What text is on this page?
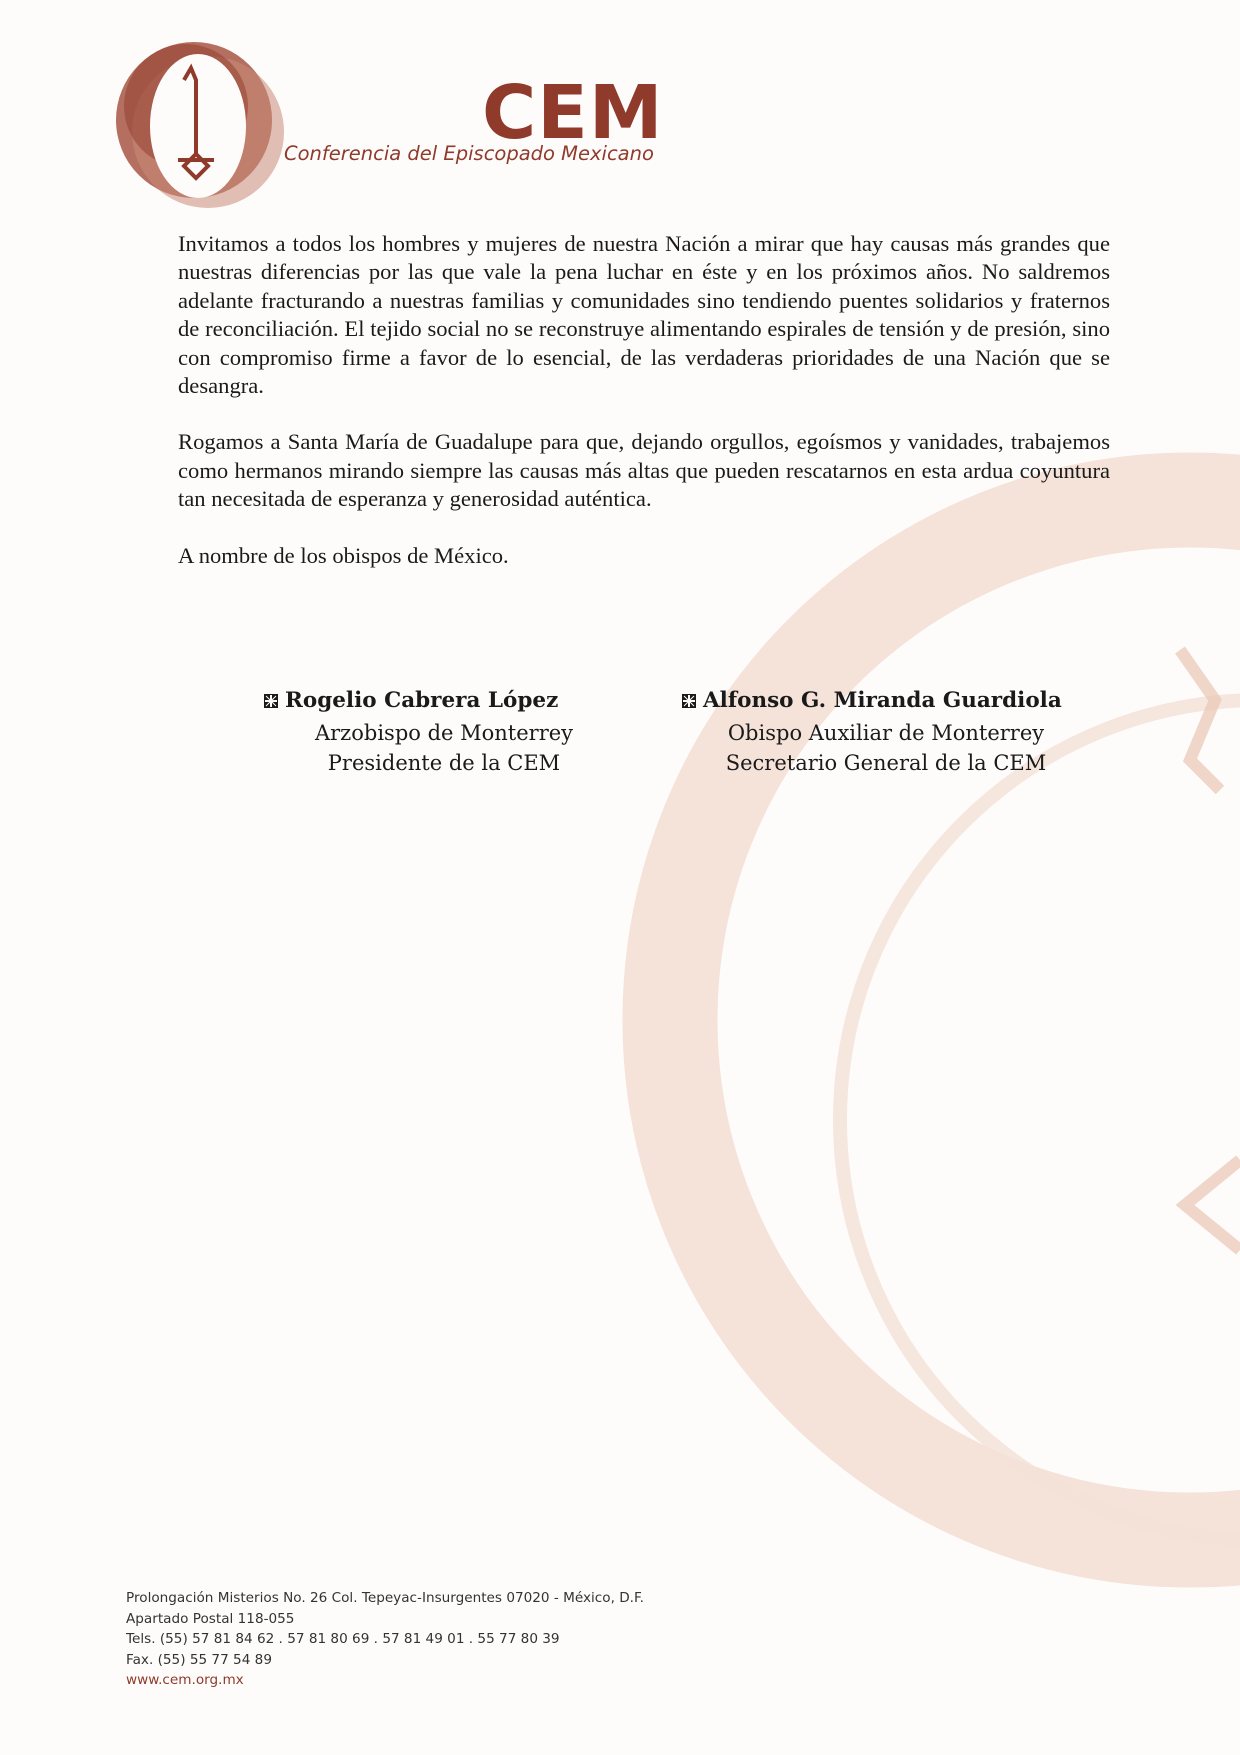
CEM

Conferencia del Episcopado Mexicano

Invitamos a todos los hombres y mujeres de nuestra Nación a mirar que hay causas más grandes que nuestras diferencias por las que vale la pena luchar en éste y en los próximos años. No saldremos adelante fracturando a nuestras familias y comunidades sino tendiendo puentes solidarios y fraternos de reconciliación. El tejido social no se reconstruye alimentando espirales de tensión y de presión, sino con compromiso firme a favor de lo esencial, de las verdaderas prioridades de una Nación que se desangra.

Rogamos a Santa María de Guadalupe para que, dejando orgullos, egoísmos y vanidades, trabajemos como hermanos mirando siempre las causas más altas que pueden rescatarnos en esta ardua coyuntura tan necesitada de esperanza y generosidad auténtica.

A nombre de los obispos de México.

Rogelio Cabrera López

Arzobispo de Monterrey

Presidente de la CEM

Alfonso G. Miranda Guardiola

Obispo Auxiliar de Monterrey

Secretario General de la CEM

Prolongación Misterios No. 26 Col. Tepeyac-Insurgentes 07020 - México, D.F.

Apartado Postal 118-055

Tels. (55) 57 81 84 62 . 57 81 80 69 . 57 81 49 01 . 55 77 80 39

Fax. (55) 55 77 54 89

www.cem.org.mx
